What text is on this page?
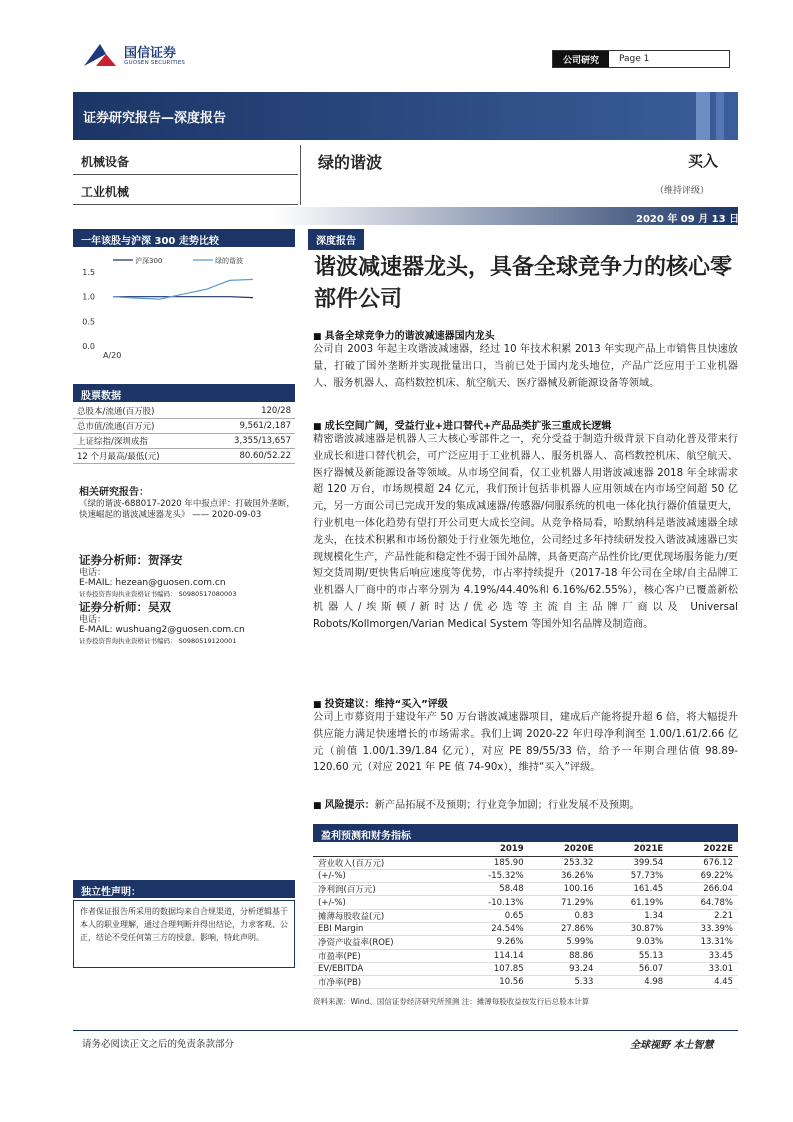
国信证券
GUOSEN SECURITIES	公司研究	Page 1
证券研究报告—深度报告
机械设备
工业机械
绿的谐波	买入
（维持评级）
2020 年 09 月 13 日
一年该股与沪深 300 走势比较
沪深300	绿的谐波
1.5
1.0
0.5
0.0
A/20
股票数据
总股本/流通(百万股)	120/28
总市值/流通(百万元)	9,561/2,187
上证综指/深圳成指	3,355/13,657
12 个月最高/最低(元)	80.60/52.22
相关研究报告：
《绿的谐波-688017-2020 年中报点评：打破国外垄断，快速崛起的谐波减速器龙头》 —— 2020-09-03
证券分析师：贺泽安
电话：
E-MAIL: hezean@guosen.com.cn
证券投资咨询执业资格证书编码： S0980517080003
证券分析师：吴双
电话：
E-MAIL: wushuang2@guosen.com.cn
证券投资咨询执业资格证书编码： S0980519120001
独立性声明：
作者保证报告所采用的数据均来自合规渠道，分析逻辑基于本人的职业理解，通过合理判断并得出结论，力求客观、公正，结论不受任何第三方的授意、影响，特此声明。
深度报告
谐波减速器龙头，具备全球竞争力的核心零部件公司
■ 具备全球竞争力的谐波减速器国内龙头
公司自 2003 年起主攻谐波减速器，经过 10 年技术积累 2013 年实现产品上市销售且快速放量，打破了国外垄断并实现批量出口，当前已处于国内龙头地位，产品广泛应用于工业机器人、服务机器人、高档数控机床、航空航天、医疗器械及新能源设备等领域。
■ 成长空间广阔，受益行业+进口替代+产品品类扩张三重成长逻辑
精密谐波减速器是机器人三大核心零部件之一，充分受益于制造升级背景下自动化普及带来行业成长和进口替代机会，可广泛应用于工业机器人、服务机器人、高档数控机床、航空航天、医疗器械及新能源设备等领域。从市场空间看，仅工业机器人用谐波减速器 2018 年全球需求超 120 万台，市场规模超 24 亿元，我们预计包括非机器人应用领域在内市场空间超 50 亿元，另一方面公司已完成开发的集成减速器/传感器/伺服系统的机电一体化执行器价值量更大，行业机电一体化趋势有望打开公司更大成长空间。从竞争格局看，哈默纳科是谐波减速器全球龙头，在技术积累和市场份额处于行业领先地位，公司经过多年持续研发投入谐波减速器已实现规模化生产，产品性能和稳定性不弱于国外品牌，具备更高产品性价比/更优现场服务能力/更短交货周期/更快售后响应速度等优势，市占率持续提升（2017-18 年公司在全球/自主品牌工业机器人厂商中的市占率分别为 4.19%/44.40%和 6.16%/62.55%），核心客户已覆盖新松机器人/埃斯顿/新时达/优必选等主流自主品牌厂商以及 Universal Robots/Kollmorgen/Varian Medical System 等国外知名品牌及制造商。
■ 投资建议：维持“买入”评级
公司上市募资用于建设年产 50 万台谐波减速器项目，建成后产能将提升超 6 倍，将大幅提升供应能力满足快速增长的市场需求。我们上调 2020-22 年归母净利润至 1.00/1.61/2.66 亿元（前值 1.00/1.39/1.84 亿元），对应 PE 89/55/33 倍，给予一年期合理估值 98.89-120.60 元（对应 2021 年 PE 值 74-90x），维持“买入”评级。
■ 风险提示：新产品拓展不及预期；行业竞争加剧；行业发展不及预期。
盈利预测和财务指标
	2019	2020E	2021E	2022E
营业收入(百万元)	185.90	253.32	399.54	676.12
(+/-%)	-15.32%	36.26%	57.73%	69.22%
净利润(百万元)	58.48	100.16	161.45	266.04
(+/-%)	-10.13%	71.29%	61.19%	64.78%
摊薄每股收益(元)	0.65	0.83	1.34	2.21
EBI Margin	24.54%	27.86%	30.87%	33.39%
净资产收益率(ROE)	9.26%	5.99%	9.03%	13.31%
市盈率(PE)	114.14	88.86	55.13	33.45
EV/EBITDA	107.85	93.24	56.07	33.01
市净率(PB)	10.56	5.33	4.98	4.45
资料来源：Wind、国信证券经济研究所预测 注：摊薄每股收益按发行后总股本计算
请务必阅读正文之后的免责条款部分	全球视野 本土智慧
